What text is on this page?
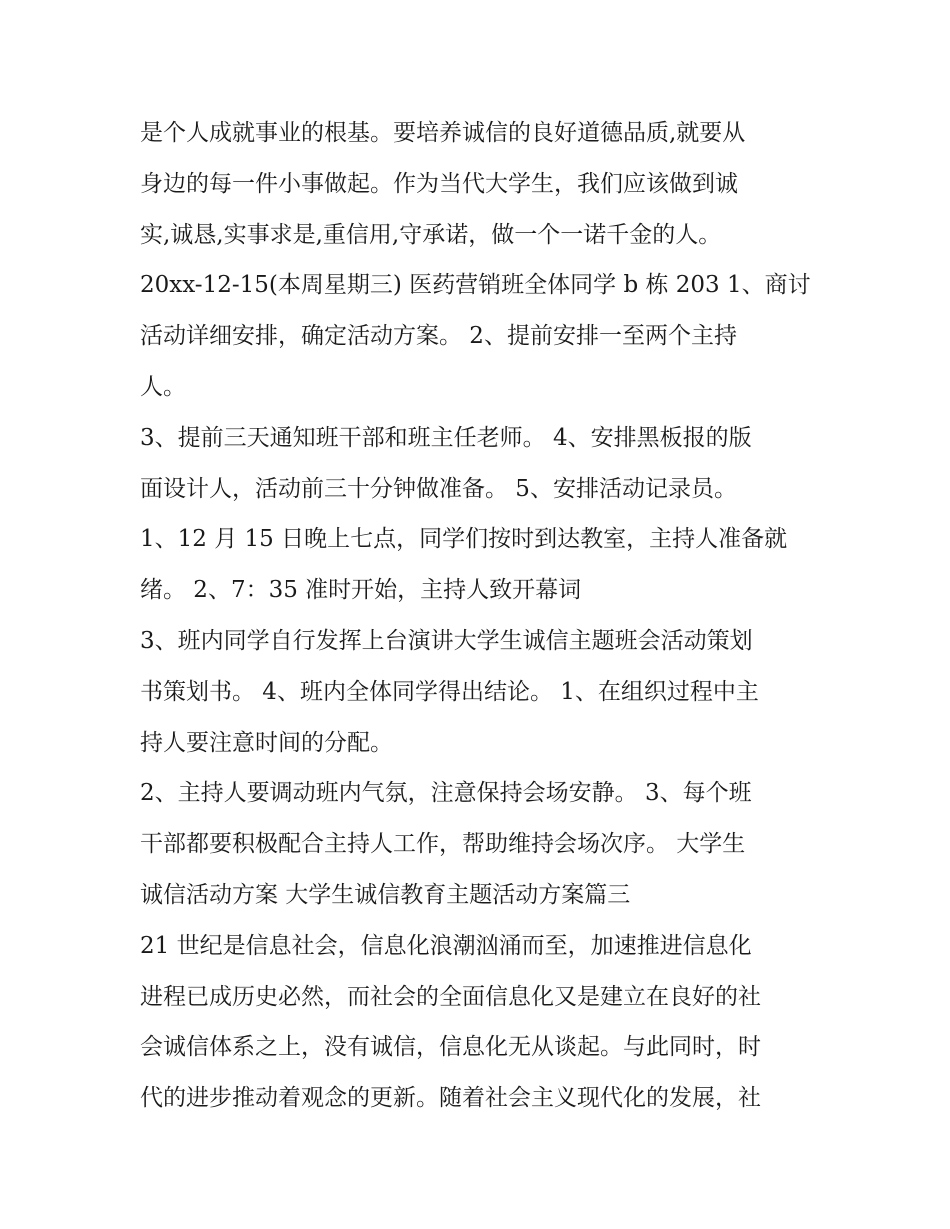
是个人成就事业的根基。要培养诚信的良好道德品质,就要从
身边的每一件小事做起。作为当代大学生，我们应该做到诚
实,诚恳,实事求是,重信用,守承诺，做一个一诺千金的人。
20xx-12-15(本周星期三) 医药营销班全体同学 b 栋 203 1、商讨
活动详细安排，确定活动方案。 2、提前安排一至两个主持
人。
3、提前三天通知班干部和班主任老师。 4、安排黑板报的版
面设计人，活动前三十分钟做准备。 5、安排活动记录员。
1、12 月 15 日晚上七点，同学们按时到达教室，主持人准备就
绪。 2、7：35 准时开始，主持人致开幕词
3、班内同学自行发挥上台演讲大学生诚信主题班会活动策划
书策划书。 4、班内全体同学得出结论。 1、在组织过程中主
持人要注意时间的分配。
2、主持人要调动班内气氛，注意保持会场安静。 3、每个班
干部都要积极配合主持人工作，帮助维持会场次序。 大学生
诚信活动方案 大学生诚信教育主题活动方案篇三
21 世纪是信息社会，信息化浪潮汹涌而至，加速推进信息化
进程已成历史必然，而社会的全面信息化又是建立在良好的社
会诚信体系之上，没有诚信，信息化无从谈起。与此同时，时
代的进步推动着观念的更新。随着社会主义现代化的发展，社
